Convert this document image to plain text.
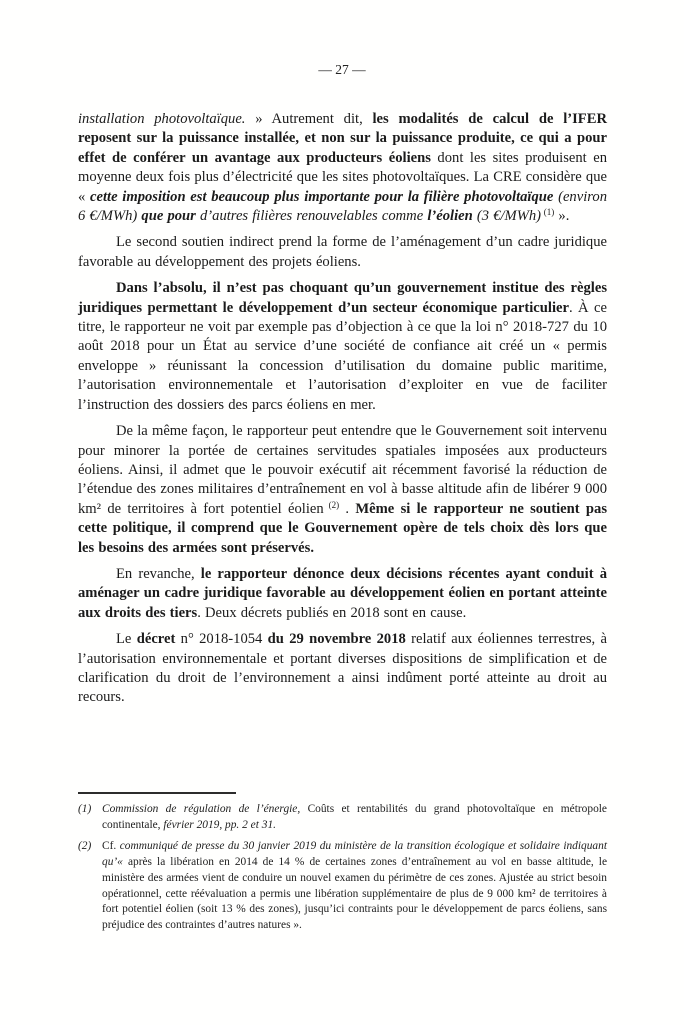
— 27 —

installation photovoltaïque. » Autrement dit, les modalités de calcul de l’IFER reposent sur la puissance installée, et non sur la puissance produite, ce qui a pour effet de conférer un avantage aux producteurs éoliens dont les sites produisent en moyenne deux fois plus d’électricité que les sites photovoltaïques. La CRE considère que « cette imposition est beaucoup plus importante pour la filière photovoltaïque (environ 6 €/MWh) que pour d’autres filières renouvelables comme l’éolien (3 €/MWh) $^{(1)}$ ».

Le second soutien indirect prend la forme de l’aménagement d’un cadre juridique favorable au développement des projets éoliens.

Dans l’absolu, il n’est pas choquant qu’un gouvernement institue des règles juridiques permettant le développement d’un secteur économique particulier. À ce titre, le rapporteur ne voit par exemple pas d’objection à ce que la loi n° 2018-727 du 10 août 2018 pour un État au service d’une société de confiance ait créé un « permis enveloppe » réunissant la concession d’utilisation du domaine public maritime, l’autorisation environnementale et l’autorisation d’exploiter en vue de faciliter l’instruction des dossiers des parcs éoliens en mer.

De la même façon, le rapporteur peut entendre que le Gouvernement soit intervenu pour minorer la portée de certaines servitudes spatiales imposées aux producteurs éoliens. Ainsi, il admet que le pouvoir exécutif ait récemment favorisé la réduction de l’étendue des zones militaires d’entraînement en vol à basse altitude afin de libérer 9 000 km² de territoires à fort potentiel éolien $^{(2)}$ . Même si le rapporteur ne soutient pas cette politique, il comprend que le Gouvernement opère de tels choix dès lors que les besoins des armées sont préservés.

En revanche, le rapporteur dénonce deux décisions récentes ayant conduit à aménager un cadre juridique favorable au développement éolien en portant atteinte aux droits des tiers. Deux décrets publiés en 2018 sont en cause.

Le décret n° 2018-1054 du 29 novembre 2018 relatif aux éoliennes terrestres, à l’autorisation environnementale et portant diverses dispositions de simplification et de clarification du droit de l’environnement a ainsi indûment porté atteinte au droit au recours.

(1) Commission de régulation de l’énergie, Coûts et rentabilités du grand photovoltaïque en métropole continentale, février 2019, pp. 2 et 31.
(2) Cf. communiqué de presse du 30 janvier 2019 du ministère de la transition écologique et solidaire indiquant qu’« après la libération en 2014 de 14 % de certaines zones d’entraînement au vol en basse altitude, le ministère des armées vient de conduire un nouvel examen du périmètre de ces zones. Ajustée au strict besoin opérationnel, cette réévaluation a permis une libération supplémentaire de plus de 9 000 km² de territoires à fort potentiel éolien (soit 13 % des zones), jusqu’ici contraints pour le développement de parcs éoliens, sans préjudice des contraintes d’autres natures ».
